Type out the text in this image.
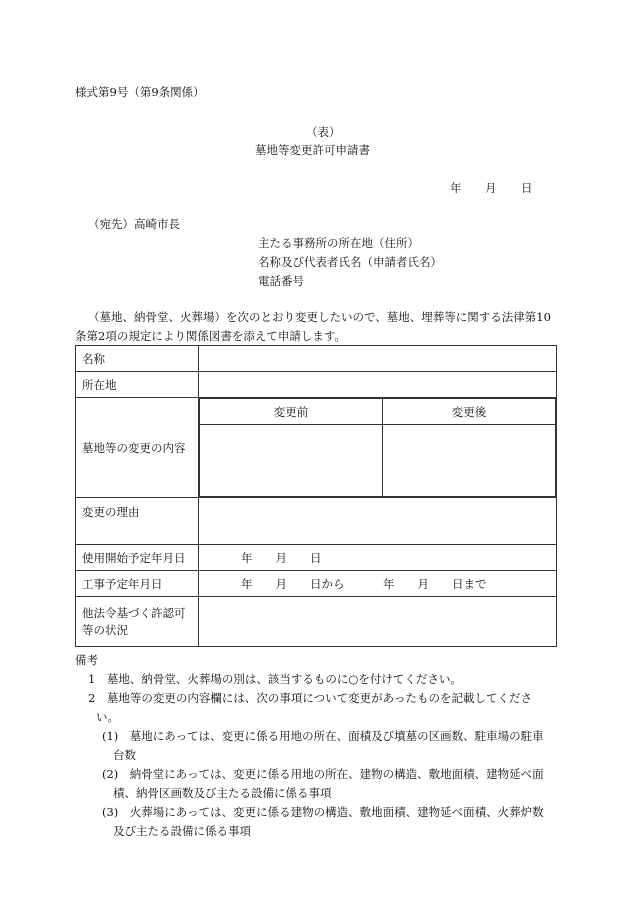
様式第9号（第9条関係）
（表）
墓地等変更許可申請書
年 月 日
（宛先）高崎市長
主たる事務所の所在地（住所）
名称及び代表者氏名（申請者氏名）
電話番号
（墓地、納骨堂、火葬場）を次のとおり変更したいので、墓地、埋葬等に関する法律第10
条第2項の規定により関係図書を添えて申請します。
名称	
所在地	
墓地等の変更の内容	
変更前	変更後

変更の理由	
使用開始予定年月日	年　　月　　日
工事予定年月日	年　　月　　日から	年　　月　　日まで

他法令基づく許認可
等の状況

備考
1　墓地、納骨堂、火葬場の別は、該当するものに○を付けてください。
2　墓地等の変更の内容欄には、次の事項について変更があったものを記載してくださ
い。
(1)　墓地にあっては、変更に係る用地の所在、面積及び墳墓の区画数、駐車場の駐車
台数
(2)　納骨堂にあっては、変更に係る用地の所在、建物の構造、敷地面積、建物延べ面
積、納骨区画数及び主たる設備に係る事項
(3)　火葬場にあっては、変更に係る建物の構造、敷地面積、建物延べ面積、火葬炉数
及び主たる設備に係る事項
